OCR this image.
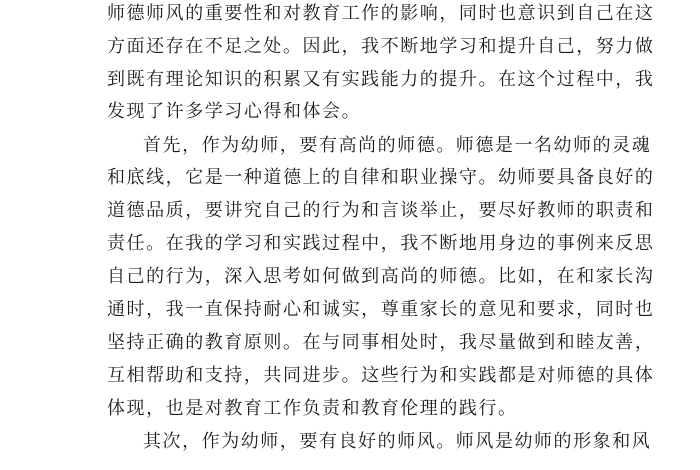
师德师风的重要性和对教育工作的影响，同时也意识到自己在这
方面还存在不足之处。因此，我不断地学习和提升自己，努力做
到既有理论知识的积累又有实践能力的提升。在这个过程中，我
发现了许多学习心得和体会。
首先，作为幼师，要有高尚的师德。师德是一名幼师的灵魂
和底线，它是一种道德上的自律和职业操守。幼师要具备良好的
道德品质，要讲究自己的行为和言谈举止，要尽好教师的职责和
责任。在我的学习和实践过程中，我不断地用身边的事例来反思
自己的行为，深入思考如何做到高尚的师德。比如，在和家长沟
通时，我一直保持耐心和诚实，尊重家长的意见和要求，同时也
坚持正确的教育原则。在与同事相处时，我尽量做到和睦友善，
互相帮助和支持，共同进步。这些行为和实践都是对师德的具体
体现，也是对教育工作负责和教育伦理的践行。
其次，作为幼师，要有良好的师风。师风是幼师的形象和风
